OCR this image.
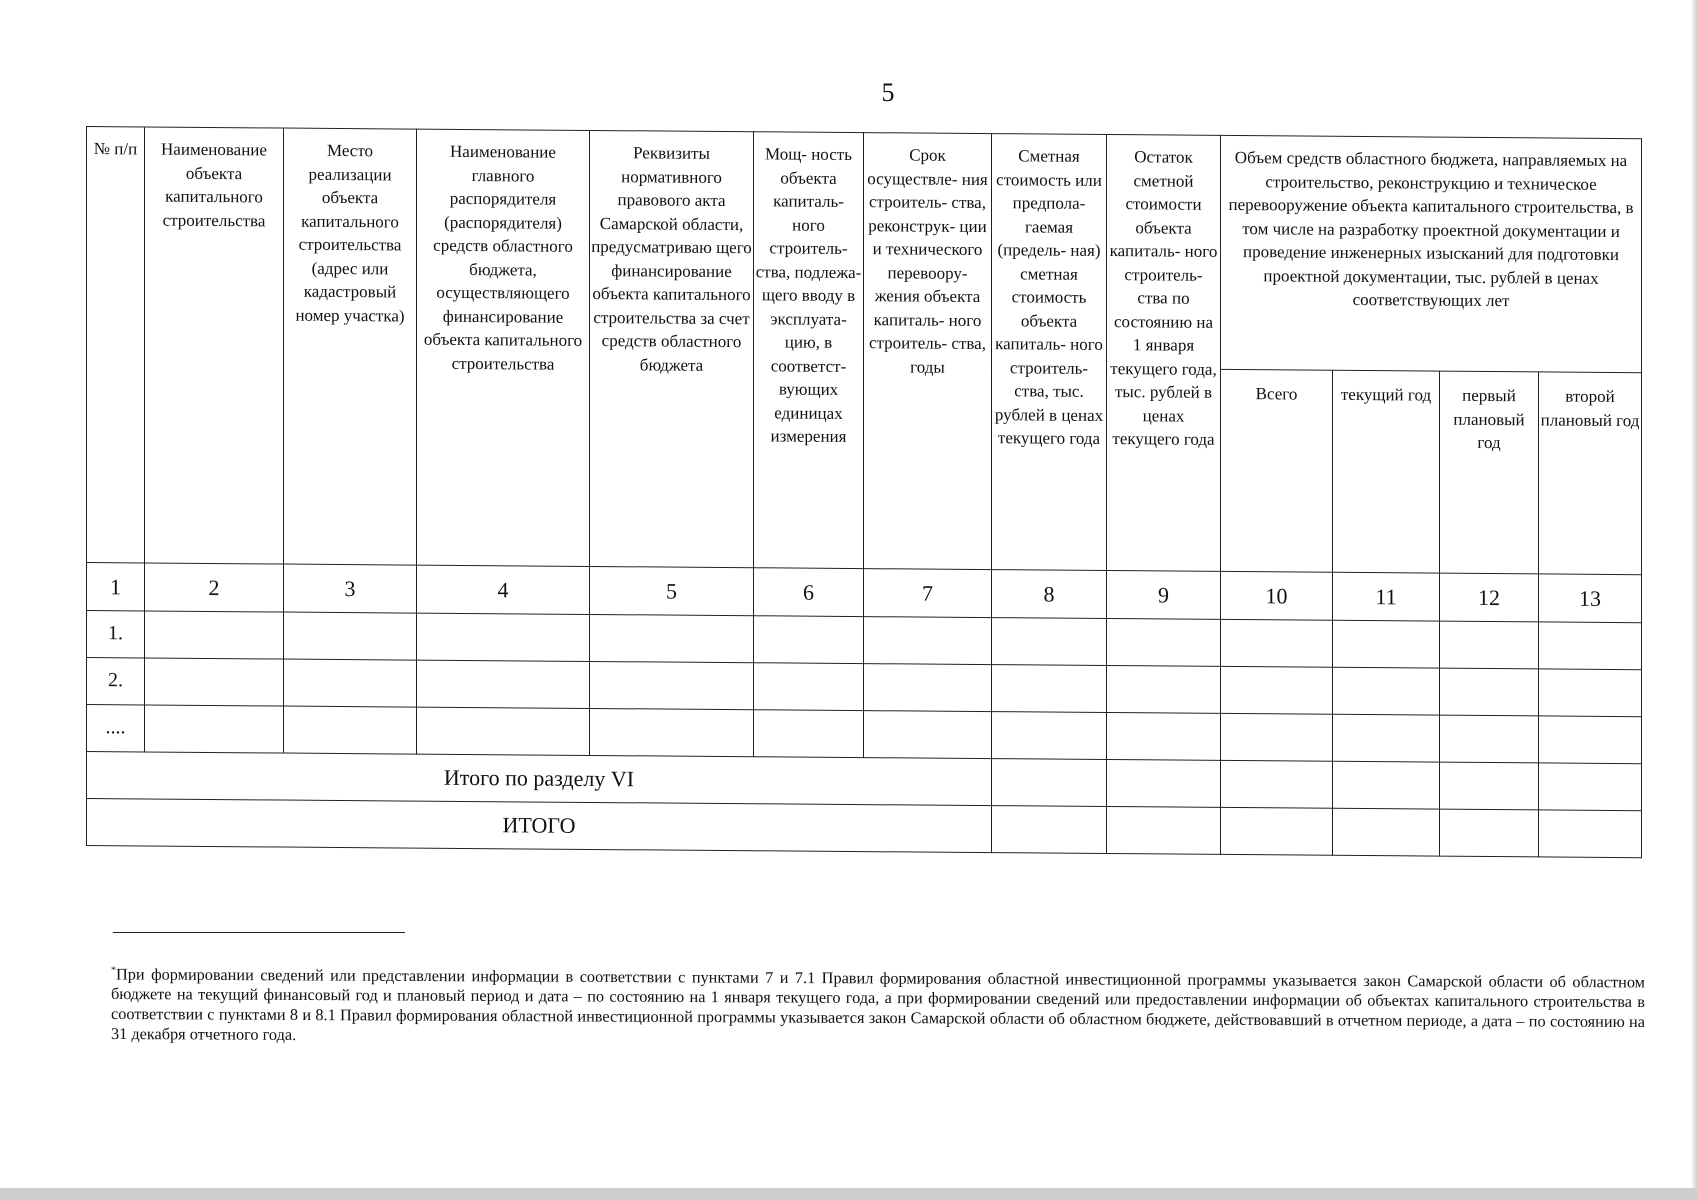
5
№ п/п	Наименование объекта капитального строительства	Место реализации объекта капитального строительства (адрес или кадастровый номер участка)	Наименование главного распорядителя (распорядителя) средств областного бюджета, осуществляющего финансирование объекта капитального строительства	Реквизиты нормативного правового акта Самарской области, предусматриваю щего финансирование объекта капитального строительства за счет средств областного бюджета	Мощ- ность объекта капиталь- ного строитель- ства, подлежа- щего вводу в эксплуата- цию, в соответст- вующих единицах измерения	Срок осуществле- ния строитель- ства, реконструк- ции и технического перевоору- жения объекта капиталь- ного строитель- ства, годы	Сметная стоимость или предпола- гаемая (предель- ная) сметная стоимость объекта капиталь- ного строитель- ства, тыс. рублей в ценах текущего года	Остаток сметной стоимости объекта капиталь- ного строитель- ства по состоянию на 1 января текущего года, тыс. рублей в ценах текущего года	Объем средств областного бюджета, направляемых на строительство, реконструкцию и техническое перевооружение объекта капитального строительства, в том числе на разработку проектной документации и проведение инженерных изысканий для подготовки проектной документации, тыс. рублей в ценах соответствующих лет			
									Всего	текущий год	первый плановый год	второй плановый год
1	2	3	4	5	6	7	8	9	10	11	12	13
1.												
2.												
....												
Итого по разделу VI												
ИТОГО												

*При формировании сведений или представлении информации в соответствии с пунктами 7 и 7.1 Правил формирования областной инвестиционной программы указывается закон Самарской области об областном бюджете на текущий финансовый год и плановый период и дата – по состоянию на 1 января текущего года, а при формировании сведений или предоставлении информации об объектах капитального строительства в соответствии с пунктами 8 и 8.1 Правил формирования областной инвестиционной программы указывается закон Самарской области об областном бюджете, действовавший в отчетном периоде, а дата – по состоянию на 31 декабря отчетного года.
